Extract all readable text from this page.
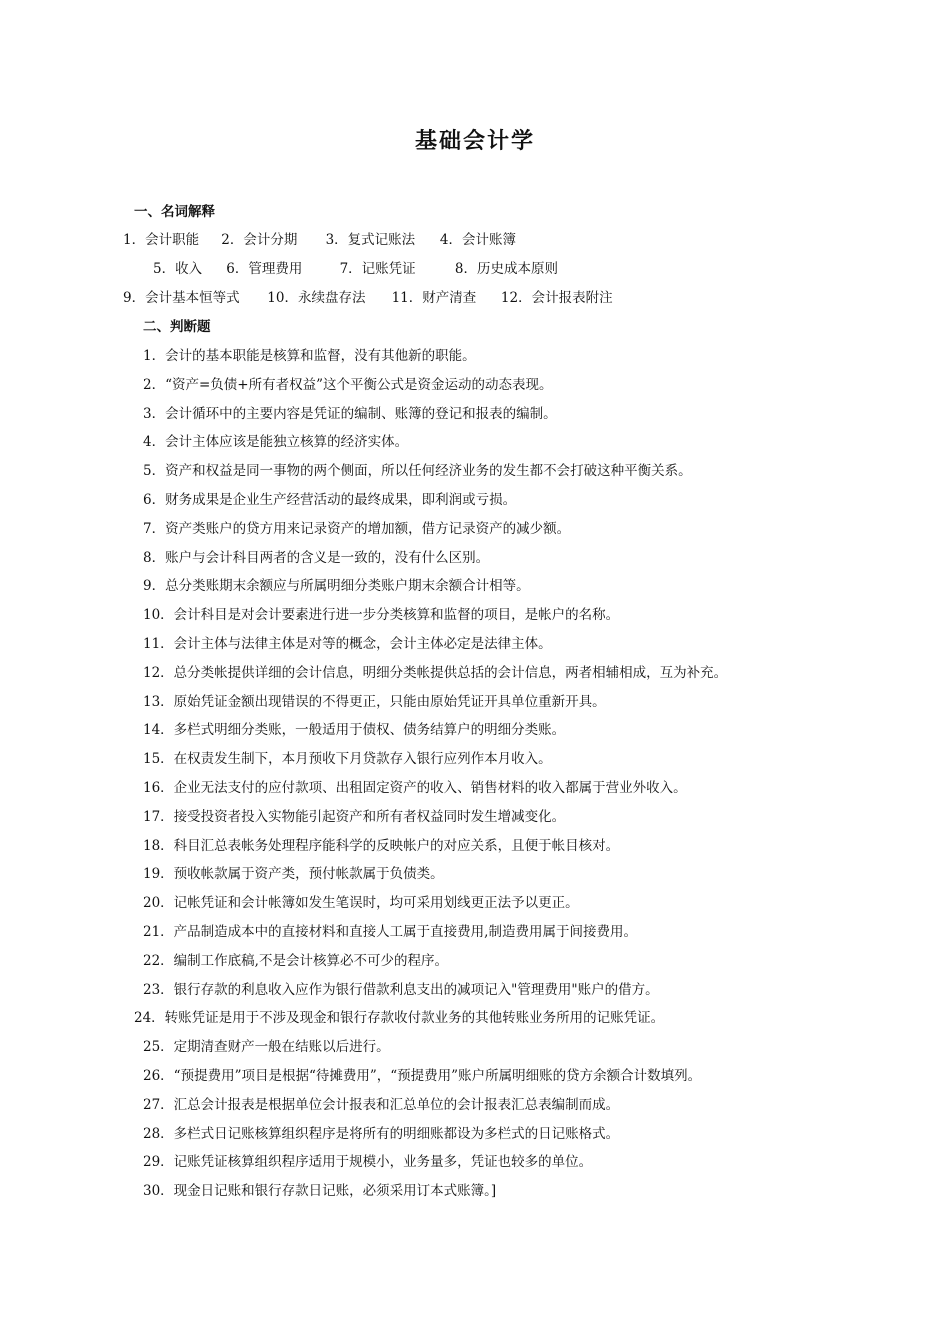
基础会计学
一、名词解释
1．会计职能 2．会计分期 3．复式记账法 4．会计账簿
5．收入 6．管理费用	7．记账凭证	8．历史成本原则
9．会计基本恒等式 10．永续盘存法 11．财产清查 12．会计报表附注
二、判断题
1．会计的基本职能是核算和监督，没有其他新的职能。
2．“资产=负债+所有者权益”这个平衡公式是资金运动的动态表现。
3．会计循环中的主要内容是凭证的编制、账簿的登记和报表的编制。
4．会计主体应该是能独立核算的经济实体。
5．资产和权益是同一事物的两个侧面，所以任何经济业务的发生都不会打破这种平衡关系。
6．财务成果是企业生产经营活动的最终成果，即利润或亏损。
7．资产类账户的贷方用来记录资产的增加额，借方记录资产的减少额。
8．账户与会计科目两者的含义是一致的，没有什么区别。
9．总分类账期末余额应与所属明细分类账户期末余额合计相等。
10．会计科目是对会计要素进行进一步分类核算和监督的项目，是帐户的名称。
11．会计主体与法律主体是对等的概念，会计主体必定是法律主体。
12．总分类帐提供详细的会计信息，明细分类帐提供总括的会计信息，两者相辅相成，互为补充。
13．原始凭证金额出现错误的不得更正，只能由原始凭证开具单位重新开具。
14．多栏式明细分类账，一般适用于债权、债务结算户的明细分类账。
15．在权责发生制下，本月预收下月贷款存入银行应列作本月收入。
16．企业无法支付的应付款项、出租固定资产的收入、销售材料的收入都属于营业外收入。
17．接受投资者投入实物能引起资产和所有者权益同时发生增减变化。
18．科目汇总表帐务处理程序能科学的反映帐户的对应关系，且便于帐目核对。
19．预收帐款属于资产类，预付帐款属于负债类。
20．记帐凭证和会计帐簿如发生笔误时，均可采用划线更正法予以更正。
21．产品制造成本中的直接材料和直接人工属于直接费用,制造费用属于间接费用。
22．编制工作底稿,不是会计核算必不可少的程序。
23．银行存款的利息收入应作为银行借款利息支出的减项记入"管理费用"账户的借方。
24．转账凭证是用于不涉及现金和银行存款收付款业务的其他转账业务所用的记账凭证。
25．定期清查财产一般在结账以后进行。
26．“预提费用”项目是根据“待摊费用”，“预提费用”账户所属明细账的贷方余额合计数填列。
27．汇总会计报表是根据单位会计报表和汇总单位的会计报表汇总表编制而成。
28．多栏式日记账核算组织程序是将所有的明细账都设为多栏式的日记账格式。
29．记账凭证核算组织程序适用于规模小，业务量多，凭证也较多的单位。
30．现金日记账和银行存款日记账，必须采用订本式账簿。]
